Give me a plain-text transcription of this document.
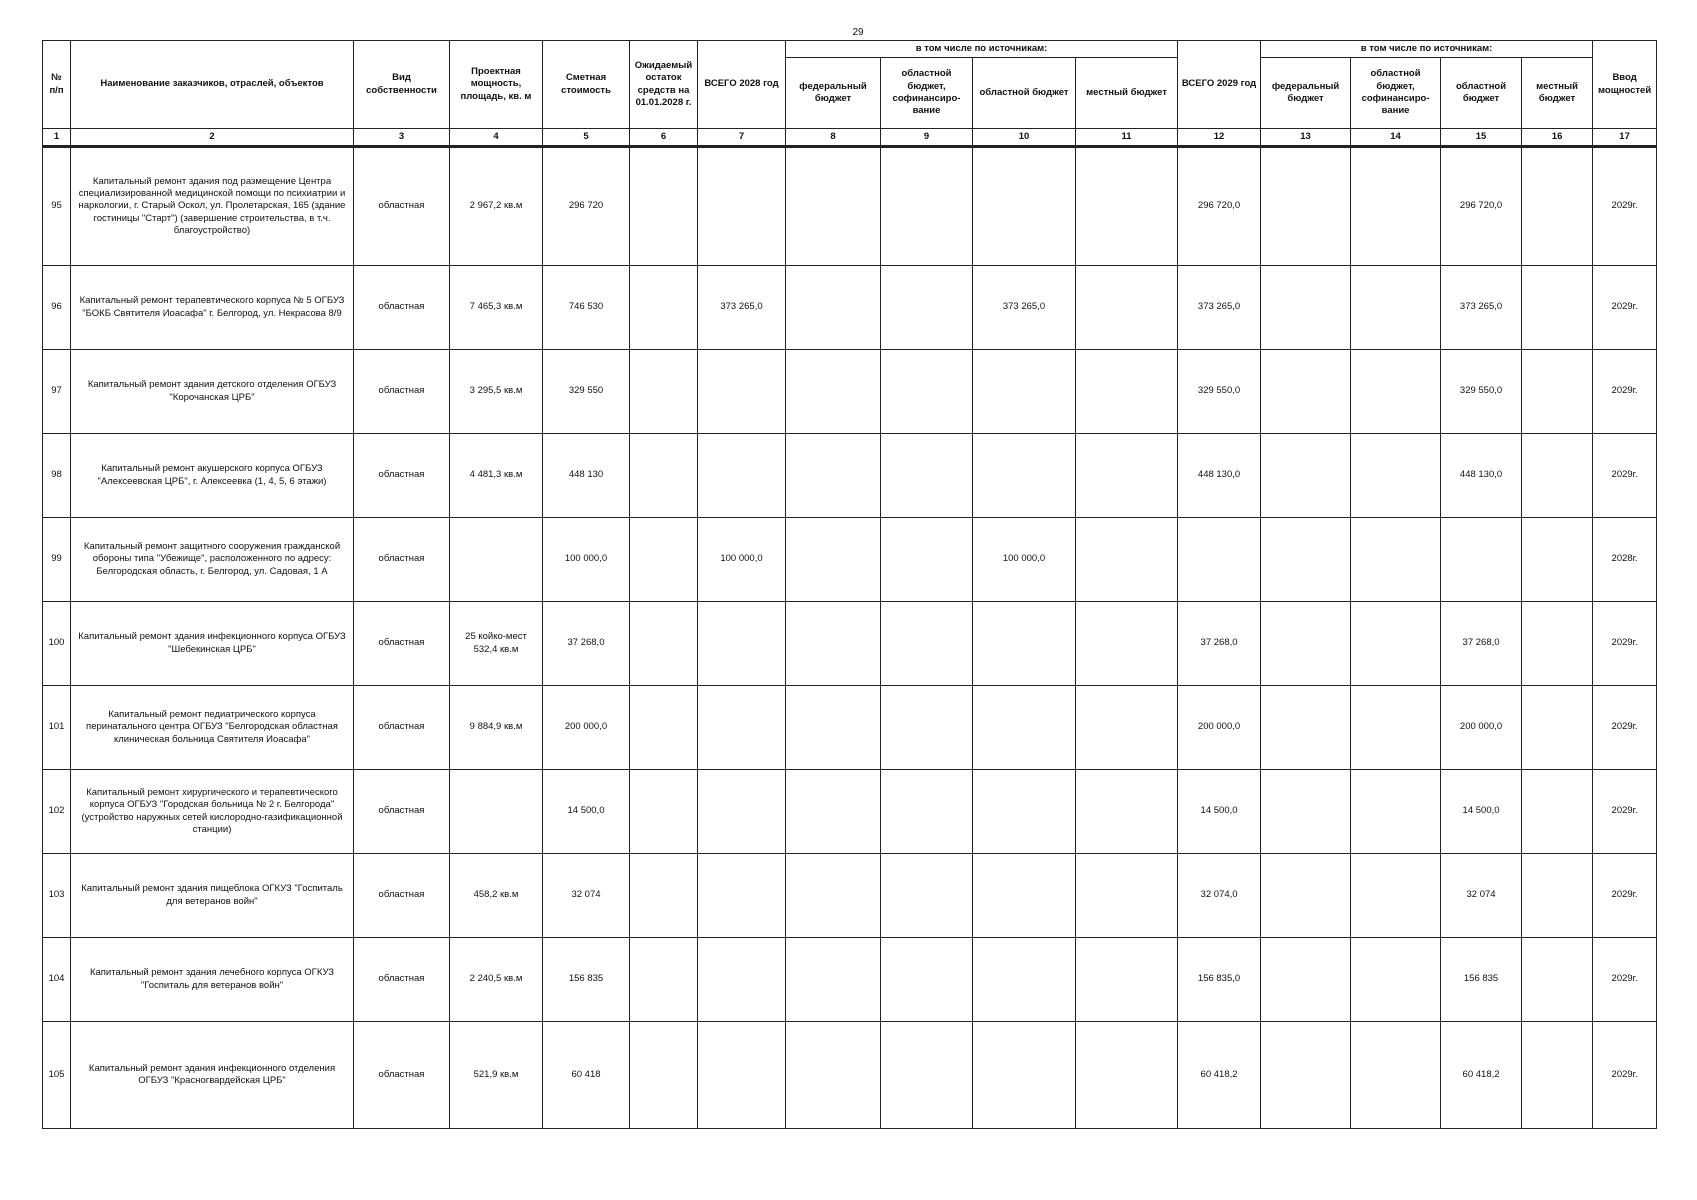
29
№ п/п	Наименование заказчиков, отраслей, объектов	Вид собственности	Проектная мощность, площадь, кв. м	Сметная стоимость	Ожидаемый остаток средств на 01.01.2028 г.	ВСЕГО 2028 год	в том числе по источникам:				ВСЕГО 2029 год	в том числе по источникам:				Ввод мощностей
							федеральный бюджет	областной бюджет, софинансиро-вание	областной бюджет	местный бюджет		федеральный бюджет	областной бюджет, софинансиро-вание	областной бюджет	местный бюджет	
1	2	3	4	5	6	7	8	9	10	11	12	13	14	15	16	17
95	Капитальный ремонт здания под размещение Центра специализированной медицинской помощи по психиатрии и наркологии, г. Старый Оскол, ул. Пролетарская, 165 (здание гостиницы "Старт") (завершение строительства, в т.ч. благоустройство)	областная	2 967,2 кв.м	296 720							296 720,0			296 720,0		2029г.
96	Капитальный ремонт терапевтического корпуса № 5 ОГБУЗ "БОКБ Святителя Иоасафа" г. Белгород, ул. Некрасова 8/9	областная	7 465,3 кв.м	746 530		373 265,0			373 265,0		373 265,0			373 265,0		2029г.
97	Капитальный ремонт здания детского отделения ОГБУЗ "Корочанская ЦРБ"	областная	3 295,5 кв.м	329 550							329 550,0			329 550,0		2029г.
98	Капитальный ремонт акушерского корпуса ОГБУЗ "Алексеевская ЦРБ", г. Алексеевка (1, 4, 5, 6 этажи)	областная	4 481,3 кв.м	448 130							448 130,0			448 130,0		2029г.
99	Капитальный ремонт защитного сооружения гражданской обороны типа "Убежище", расположенного по адресу: Белгородская область, г. Белгород, ул. Садовая, 1 А	областная		100 000,0		100 000,0			100 000,0							2028г.
100	Капитальный ремонт здания инфекционного корпуса ОГБУЗ "Шебекинская ЦРБ"	областная	25 койко-мест 532,4 кв.м	37 268,0							37 268,0			37 268,0		2029г.
101	Капитальный ремонт педиатрического корпуса перинатального центра ОГБУЗ "Белгородская областная клиническая больница Святителя Иоасафа"	областная	9 884,9 кв.м	200 000,0							200 000,0			200 000,0		2029г.
102	Капитальный ремонт хирургического и терапевтического корпуса ОГБУЗ "Городская больница № 2 г. Белгорода" (устройство наружных сетей кислородно-газификационной станции)	областная		14 500,0							14 500,0			14 500,0		2029г.
103	Капитальный ремонт здания пищеблока ОГКУЗ "Госпиталь для ветеранов войн"	областная	458,2 кв.м	32 074							32 074,0			32 074		2029г.
104	Капитальный ремонт здания лечебного корпуса ОГКУЗ "Госпиталь для ветеранов войн"	областная	2 240,5 кв.м	156 835							156 835,0			156 835		2029г.
105	Капитальный ремонт здания инфекционного отделения ОГБУЗ "Красногвардейская ЦРБ"	областная	521,9 кв.м	60 418							60 418,2			60 418,2		2029г.
